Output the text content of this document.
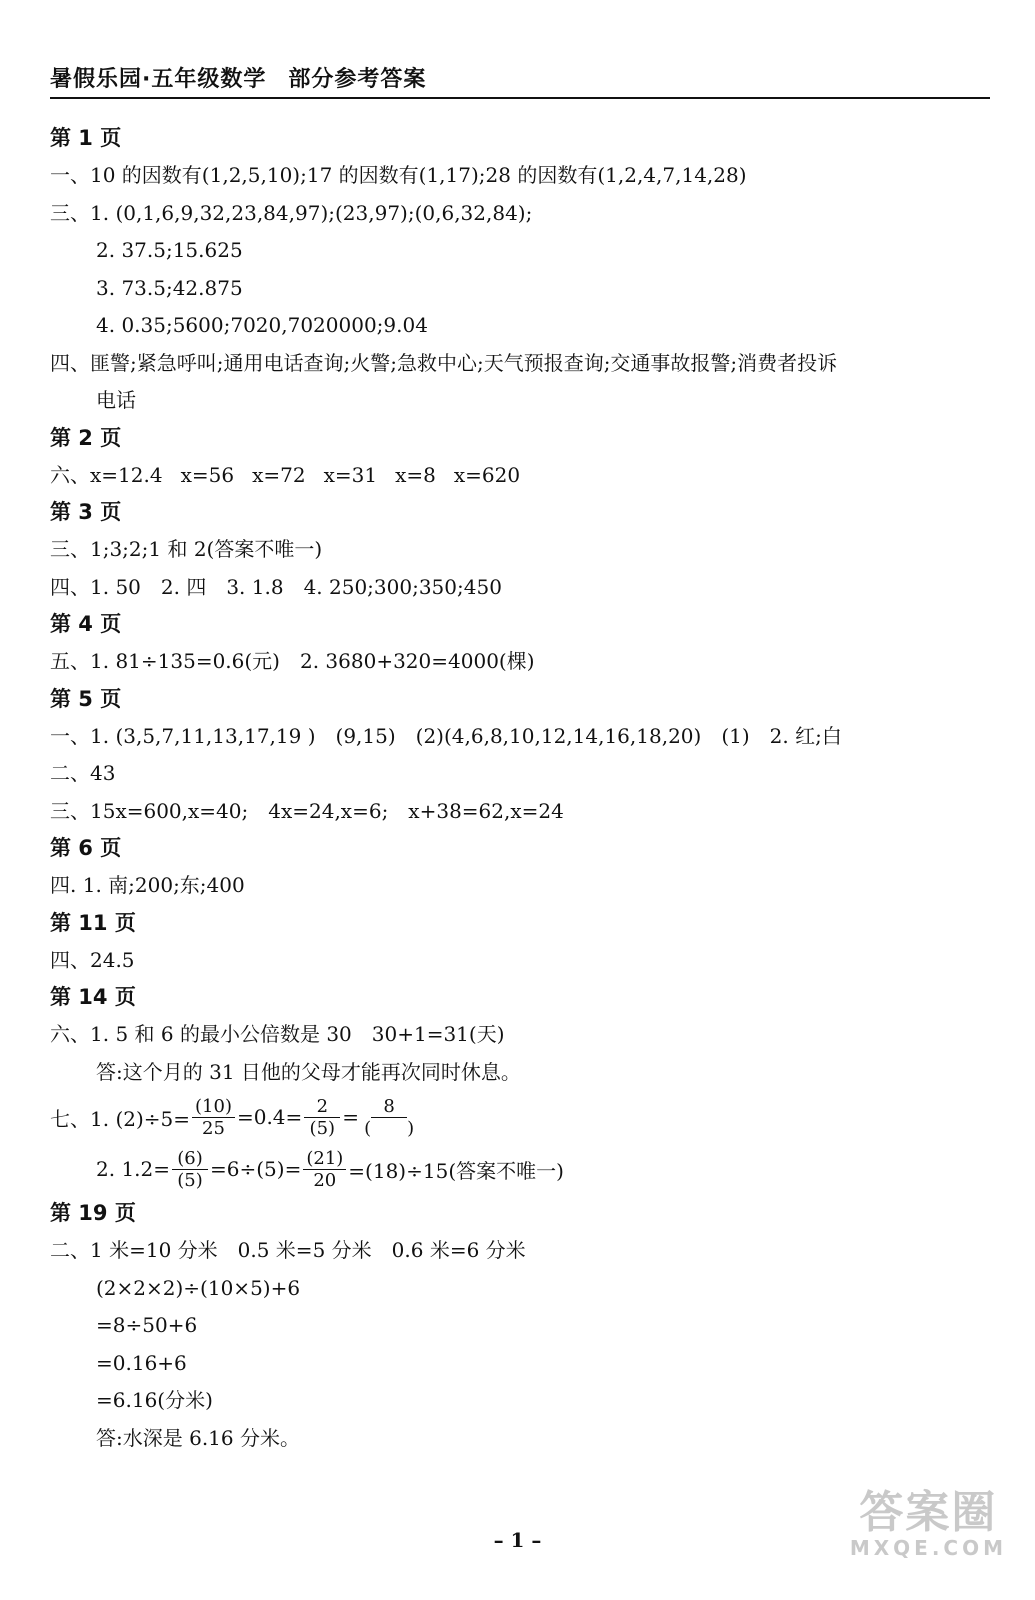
暑假乐园·五年级数学 部分参考答案
第 1 页
一、10 的因数有(1,2,5,10);17 的因数有(1,17);28 的因数有(1,2,4,7,14,28)
三、1. (0,1,6,9,32,23,84,97);(23,97);(0,6,32,84);
2. 37.5;15.625
3. 73.5;42.875
4. 0.35;5600;7020,7020000;9.04
四、匪警;紧急呼叫;通用电话查询;火警;急救中心;天气预报查询;交通事故报警;消费者投诉
电话
第 2 页
六、x=12.4 x=56 x=72 x=31 x=8 x=620
第 3 页
三、1;3;2;1 和 2(答案不唯一)
四、1. 50　2. 四　3. 1.8　4. 250;300;350;450
第 4 页
五、1. 81÷135=0.6(元)　2. 3680+320=4000(棵)
第 5 页
一、1. (3,5,7,11,13,17,19 )　(9,15)　(2)(4,6,8,10,12,14,16,18,20)　(1)　2. 红;白
二、43
三、15x=600,x=40;　4x=24,x=6;　x+38=62,x=24
第 6 页
四. 1. 南;200;东;400
第 11 页
四、24.5
第 14 页
六、1. 5 和 6 的最小公倍数是 30　30+1=31(天)
答:这个月的 31 日他的父母才能再次同时休息。
七、1. $(2)\div 5= \frac{(10)}{25} =0.4= \frac{2}{(5)} = \frac{8}{( )}$
2. $1.2= \frac{(6)}{(5)} =6\div(5)= \frac{(21)}{20} =(18)\div 15$(答案不唯一)
第 19 页
二、1 米=10 分米　0.5 米=5 分米　0.6 米=6 分米
(2×2×2)÷(10×5)+6
=8÷50+6
=0.16+6
=6.16(分米)
答:水深是 6.16 分米。
– 1 –
答案圈
MXQE.COM
